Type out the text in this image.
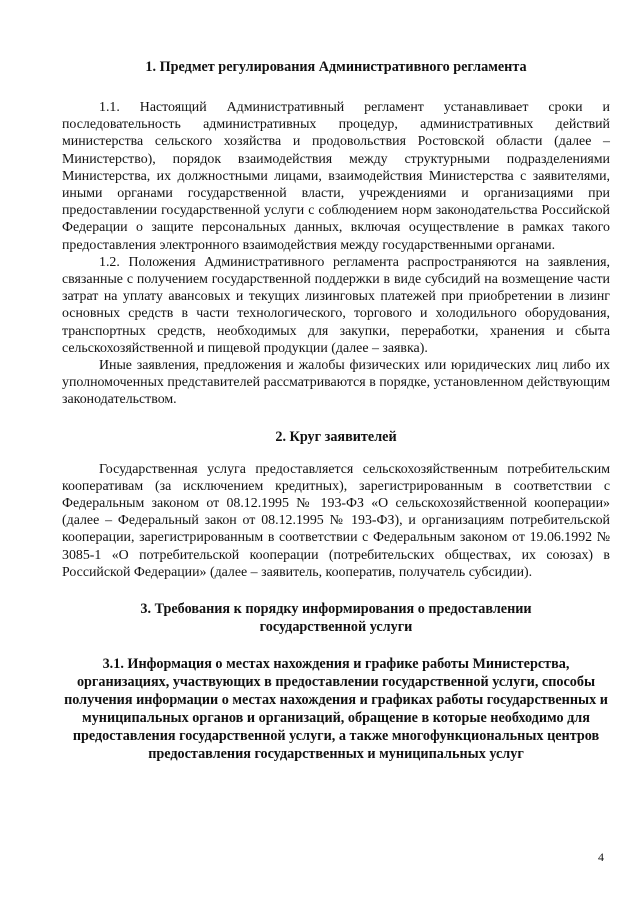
1. Предмет регулирования Административного регламента

1.1. Настоящий Административный регламент устанавливает сроки и последовательность административных процедур, административных действий министерства сельского хозяйства и продовольствия Ростовской области (далее – Министерство), порядок взаимодействия между структурными подразделениями Министерства, их должностными лицами, взаимодействия Министерства с заявителями, иными органами государственной власти, учреждениями и организациями при предоставлении государственной услуги с соблюдением норм законодательства Российской Федерации о защите персональных данных, включая осуществление в рамках такого предоставления электронного взаимодействия между государственными органами.

1.2. Положения Административного регламента распространяются на заявления, связанные с получением государственной поддержки в виде субсидий на возмещение части затрат на уплату авансовых и текущих лизинговых платежей при приобретении в лизинг основных средств в части технологического, торгового и холодильного оборудования, транспортных средств, необходимых для закупки, переработки, хранения и сбыта сельскохозяйственной и пищевой продукции (далее – заявка).

Иные заявления, предложения и жалобы физических или юридических лиц либо их уполномоченных представителей рассматриваются в порядке, установленном действующим законодательством.

2. Круг заявителей

Государственная услуга предоставляется сельскохозяйственным потребительским кооперативам (за исключением кредитных), зарегистрированным в соответствии с Федеральным законом от 08.12.1995 № 193-ФЗ «О сельскохозяйственной кооперации» (далее – Федеральный закон от 08.12.1995 № 193-ФЗ), и организациям потребительской кооперации, зарегистрированным в соответствии с Федеральным законом от 19.06.1992 № 3085-1 «О потребительской кооперации (потребительских обществах, их союзах) в Российской Федерации» (далее – заявитель, кооператив, получатель субсидии).

3. Требования к порядку информирования о предоставлении
государственной услуги
3.1. Информация о местах нахождения и графике работы Министерства, организациях, участвующих в предоставлении государственной услуги, способы получения информации о местах нахождения и графиках работы государственных и муниципальных органов и организаций, обращение в которые необходимо для предоставления государственной услуги, а также многофункциональных центров предоставления государственных и муниципальных услуг
4
